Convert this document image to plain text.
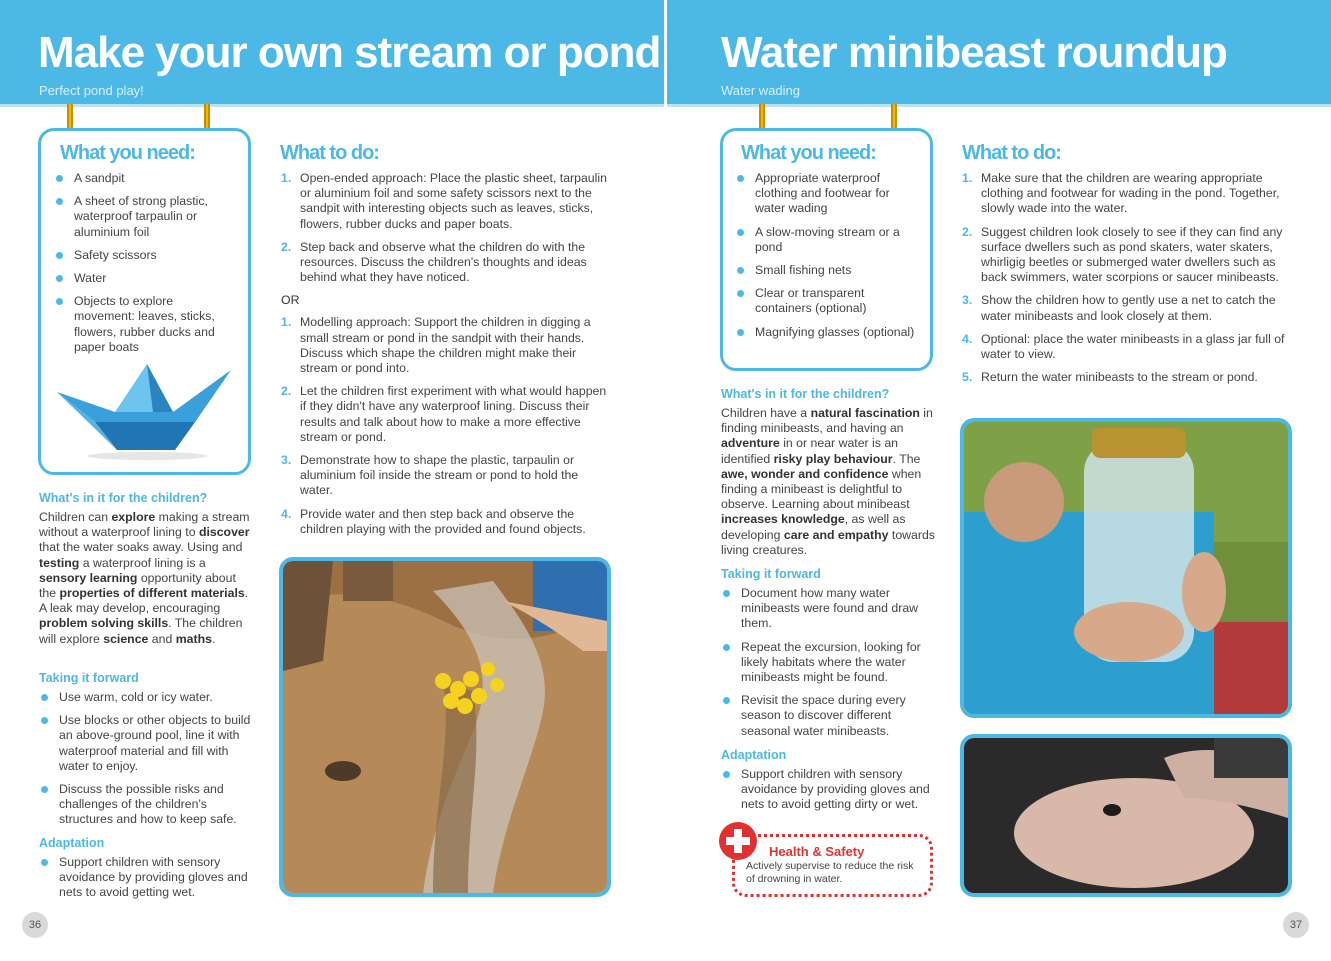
Make your own stream or pond
Perfect pond play!
What you need:
A sandpit
A sheet of strong plastic, waterproof tarpaulin or aluminium foil
Safety scissors
Water
Objects to explore movement: leaves, sticks, flowers, rubber ducks and paper boats
What to do:
1. Open-ended approach: Place the plastic sheet, tarpaulin or aluminium foil and some safety scissors next to the sandpit with interesting objects such as leaves, sticks, flowers, rubber ducks and paper boats.
2. Step back and observe what the children do with the resources. Discuss the children's thoughts and ideas behind what they have noticed.
OR
1. Modelling approach: Support the children in digging a small stream or pond in the sandpit with their hands. Discuss which shape the children might make their stream or pond into.
2. Let the children first experiment with what would happen if they didn't have any waterproof lining. Discuss their results and talk about how to make a more effective stream or pond.
3. Demonstrate how to shape the plastic, tarpaulin or aluminium foil inside the stream or pond to hold the water.
4. Provide water and then step back and observe the children playing with the provided and found objects.
What's in it for the children?

Children can explore making a stream without a waterproof lining to discover that the water soaks away. Using and testing a waterproof lining is a sensory learning opportunity about the properties of different materials. A leak may develop, encouraging problem solving skills. The children will explore science and maths.

Taking it forward
Use warm, cold or icy water.
Use blocks or other objects to build an above-ground pool, line it with waterproof material and fill with water to enjoy.
Discuss the possible risks and challenges of the children's structures and how to keep safe.
Adaptation
Support children with sensory avoidance by providing gloves and nets to avoid getting wet.
36
Water minibeast roundup
Water wading
What you need:
Appropriate waterproof clothing and footwear for water wading
A slow-moving stream or a pond
Small fishing nets
Clear or transparent containers (optional)
Magnifying glasses (optional)
What's in it for the children?

Children have a natural fascination in finding minibeasts, and having an adventure in or near water is an identified risky play behaviour. The awe, wonder and confidence when finding a minibeast is delightful to observe. Learning about minibeast increases knowledge, as well as developing care and empathy towards living creatures.

Taking it forward
Document how many water minibeasts were found and draw them.
Repeat the excursion, looking for likely habitats where the water minibeasts might be found.
Revisit the space during every season to discover different seasonal water minibeasts.
Adaptation
Support children with sensory avoidance by providing gloves and nets to avoid getting dirty or wet.
Health & Safety
Actively supervise to reduce the risk of drowning in water.
What to do:
1. Make sure that the children are wearing appropriate clothing and footwear for wading in the pond. Together, slowly wade into the water.
2. Suggest children look closely to see if they can find any surface dwellers such as pond skaters, water skaters, whirligig beetles or submerged water dwellers such as back swimmers, water scorpions or saucer minibeasts.
3. Show the children how to gently use a net to catch the water minibeasts and look closely at them.
4. Optional: place the water minibeasts in a glass jar full of water to view.
5. Return the water minibeasts to the stream or pond.
37
